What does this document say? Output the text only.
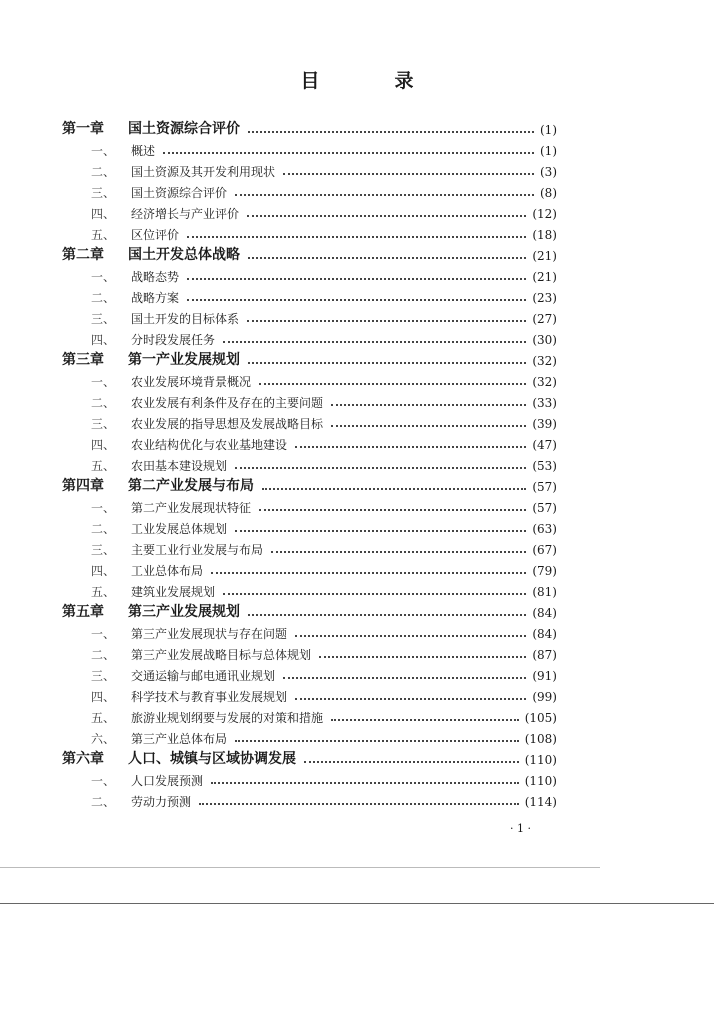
目　录
第一章	国土资源综合评价	(1)
一、	概述	(1)
二、	国土资源及其开发利用现状	(3)
三、	国土资源综合评价	(8)
四、	经济增长与产业评价	(12)
五、	区位评价	(18)
第二章	国土开发总体战略	(21)
一、	战略态势	(21)
二、	战略方案	(23)
三、	国土开发的目标体系	(27)
四、	分时段发展任务	(30)
第三章	第一产业发展规划	(32)
一、	农业发展环境背景概况	(32)
二、	农业发展有利条件及存在的主要问题	(33)
三、	农业发展的指导思想及发展战略目标	(39)
四、	农业结构优化与农业基地建设	(47)
五、	农田基本建设规划	(53)
第四章	第二产业发展与布局	(57)
一、	第二产业发展现状特征	(57)
二、	工业发展总体规划	(63)
三、	主要工业行业发展与布局	(67)
四、	工业总体布局	(79)
五、	建筑业发展规划	(81)
第五章	第三产业发展规划	(84)
一、	第三产业发展现状与存在问题	(84)
二、	第三产业发展战略目标与总体规划	(87)
三、	交通运输与邮电通讯业规划	(91)
四、	科学技术与教育事业发展规划	(99)
五、	旅游业规划纲要与发展的对策和措施	(105)
六、	第三产业总体布局	(108)
第六章	人口、城镇与区域协调发展	(110)
一、	人口发展预测	(110)
二、	劳动力预测	(114)
· 1 ·
